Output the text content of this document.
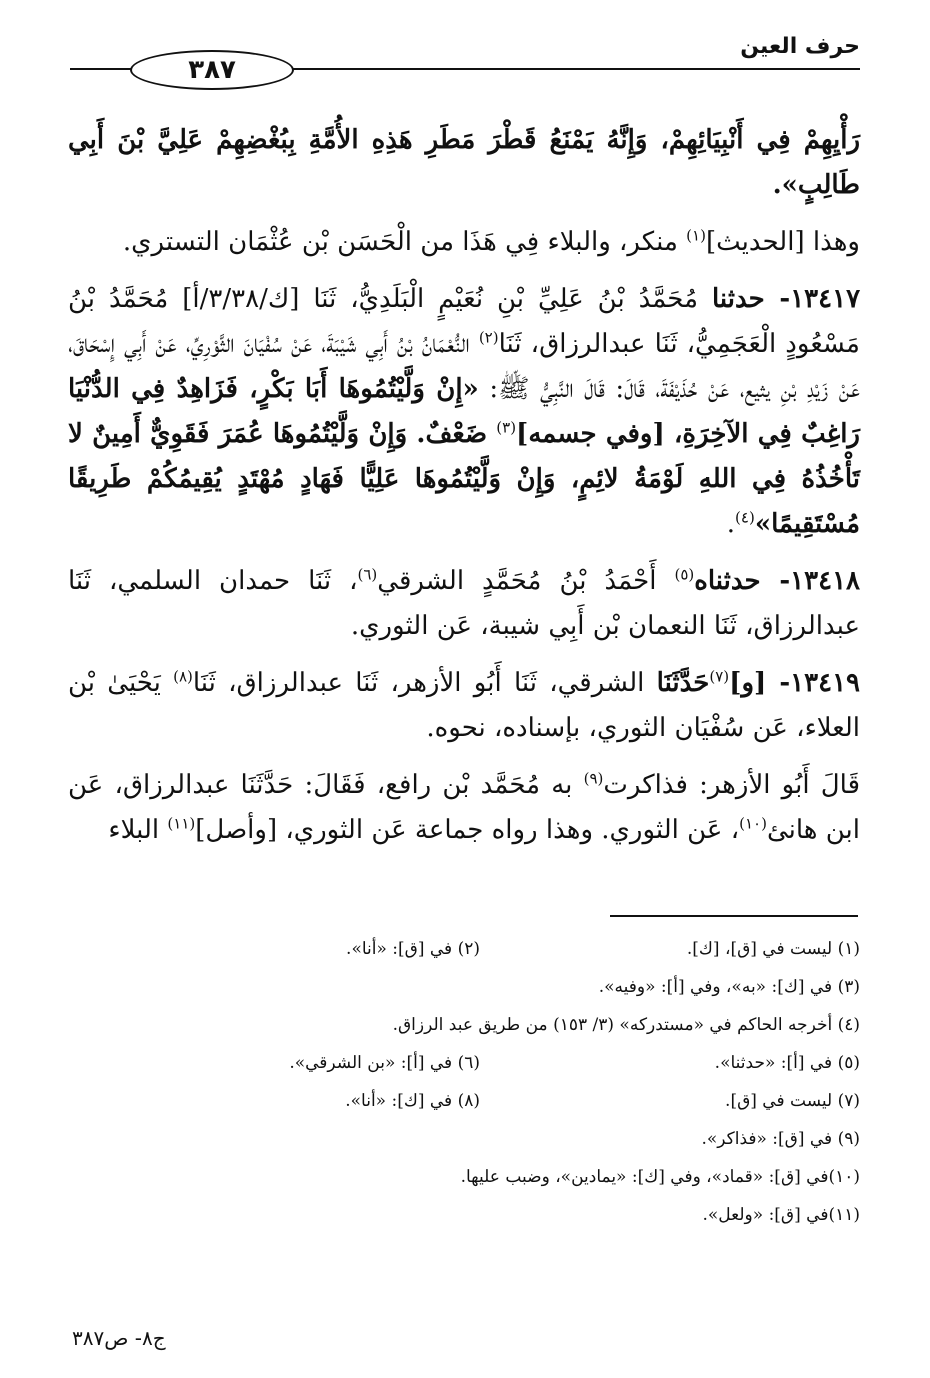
حرف العين
٣٨٧

رَأْيِهِمْ فِي أَنْبِيَائِهِمْ، وَإِنَّهُ يَمْنَعُ قَطْرَ مَطَرِ هَذِهِ الأُمَّةِ بِبُغْضِهِمْ عَلِيَّ بْنَ أَبِي طَالِبٍ».

وهذا [الحديث]$^{(١)}$ منكر، والبلاء فِي هَذَا من الْحَسَن بْن عُثْمَان التستري.

١٣٤١٧- حدثنا مُحَمَّدُ بْنُ عَلِيِّ بْنِ نُعَيْمٍ الْبَلَدِيُّ، ثَنَا [ك/٣/٣٨/أ] مُحَمَّدُ بْنُ مَسْعُودٍ الْعَجَمِيُّ، ثَنَا عبدالرزاق، ثَنَا$^{(٢)}$ النُّعْمَانُ بْنُ أَبِي شَيْبَةَ، عَنْ سُفْيَانَ الثَّوْرِيِّ، عَنْ أَبِي إِسْحَاقَ، عَنْ زَيْدِ بْنِ يثيع، عَنْ حُذَيْفَةَ، قَالَ: قَالَ النَّبِيُّ ﷺ: «إِنْ وَلَّيْتُمُوهَا أَبَا بَكْرٍ، فَزَاهِدٌ فِي الدُّنْيَا رَاغِبٌ فِي الآخِرَةِ، [وفي جسمه]$^{(٣)}$ ضَعْفٌ. وَإِنْ وَلَّيْتُمُوهَا عُمَرَ فَقَوِيٌّ أَمِينٌ لا تَأْخُذُهُ فِي اللهِ لَوْمَةُ لائِمٍ، وَإِنْ وَلَّيْتُمُوهَا عَلِيًّا فَهَادٍ مُهْتَدٍ يُقِيمُكُمْ طَرِيقًا مُسْتَقِيمًا»$^{(٤)}$.

١٣٤١٨- حدثناه$^{(٥)}$ أَحْمَدُ بْنُ مُحَمَّدٍ الشرقي$^{(٦)}$، ثَنَا حمدان السلمي، ثَنَا عبدالرزاق، ثَنَا النعمان بْن أَبِي شيبة، عَن الثوري.

١٣٤١٩- [و]$^{(٧)}$حَدَّثَنَا الشرقي، ثَنَا أَبُو الأزهر، ثَنَا عبدالرزاق، ثَنَا$^{(٨)}$ يَحْيَىٰ بْن العلاء، عَن سُفْيَان الثوري، بإسناده، نحوه.

قَالَ أَبُو الأزهر: فذاكرت$^{(٩)}$ به مُحَمَّد بْن رافع، فَقَالَ: حَدَّثَنَا عبدالرزاق، عَن ابن هانئ$^{(١٠)}$، عَن الثوري. وهذا رواه جماعة عَن الثوري، [وأصل]$^{(١١)}$ البلاء

(١) ليست في [ق]، [ك].
(٢) في [ق]: «أنا».
(٣) في [ك]: «به»، وفي [أ]: «وفيه».
(٤) أخرجه الحاكم في «مستدركه» (٣/ ١٥٣) من طريق عبد الرزاق.
(٥) في [أ]: «حدثنا».
(٦) في [أ]: «بن الشرقي».
(٧) ليست في [ق].
(٨) في [ك]: «أنا».
(٩) في [ق]: «فذاكر».
(١٠)في [ق]: «قماد»، وفي [ك]: «يمادين»، وضبب عليها.
(١١)في [ق]: «ولعل».
ج٨- ص٣٨٧
